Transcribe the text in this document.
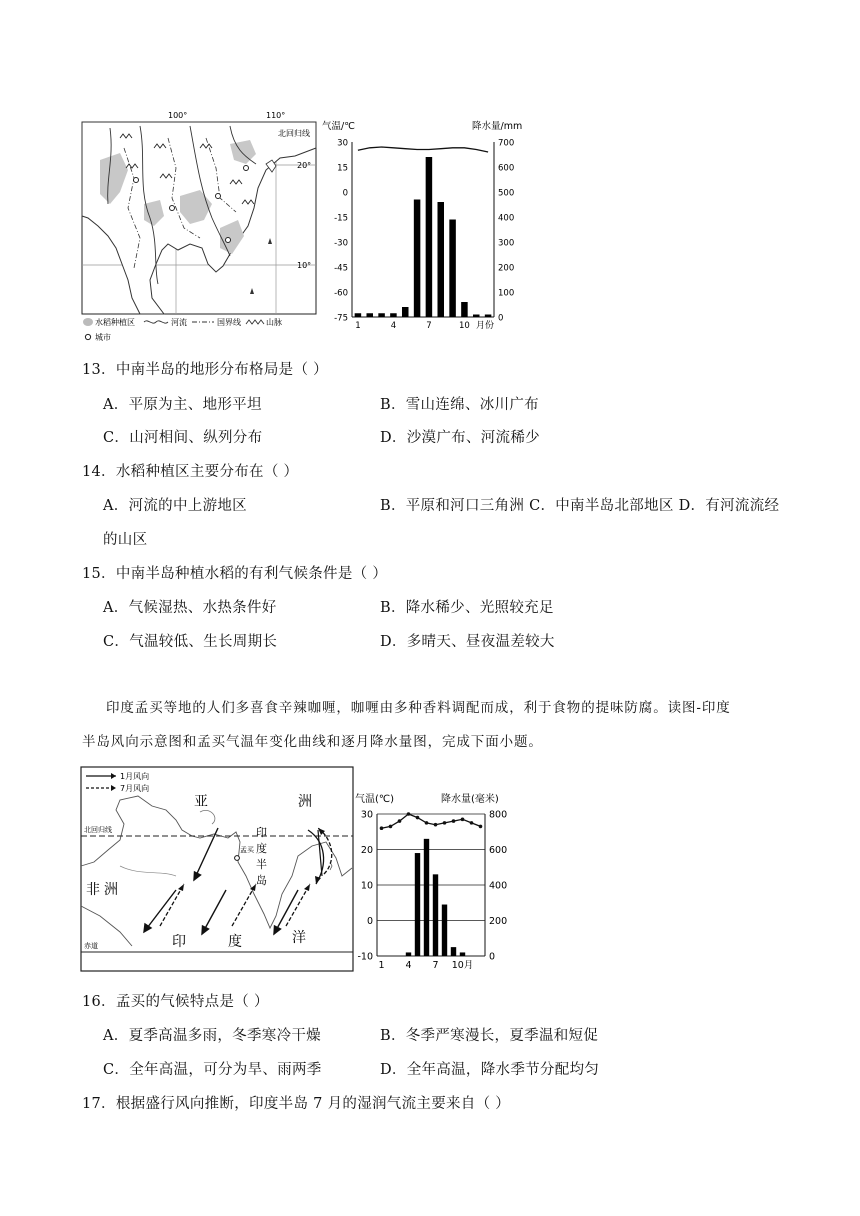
100°	110°
20°
10°
北回归线
水稻种植区	河流	国界线	山脉
城市
气温/℃	降水量/mm
30
15
0
-15
-30
-45
-60
-75
700
600
500
400
300
200
100
0
1	4	7	10 月份
13．中南半岛的地形分布格局是（ ）
A．平原为主、地形平坦	B．雪山连绵、冰川广布
C．山河相间、纵列分布	D．沙漠广布、河流稀少
14．水稻种植区主要分布在（ ）
A．河流的中上游地区	B．平原和河口三角洲 C．中南半岛北部地区 D．有河流流经
的山区
15．中南半岛种植水稻的有利气候条件是（ ）
A．气候湿热、水热条件好	B．降水稀少、光照较充足
C．气温较低、生长周期长	D．多晴天、昼夜温差较大
印度孟买等地的人们多喜食辛辣咖喱，咖喱由多种香料调配而成，利于食物的提味防腐。读图-印度
半岛风向示意图和孟买气温年变化曲线和逐月降水量图，完成下面小题。
1月风向
7月风向
亚	洲
非 洲
印	度	洋
印
度
半
岛
孟买
北回归线
赤道
气温(℃)	降水量(毫米)
30
20
10
0
-10
800
600
400
200
0
1 4 7 10月
16．孟买的气候特点是（ ）
A．夏季高温多雨，冬季寒冷干燥	B．冬季严寒漫长，夏季温和短促
C．全年高温，可分为旱、雨两季	D．全年高温，降水季节分配均匀
17．根据盛行风向推断，印度半岛 7 月的湿润气流主要来自（ ）
